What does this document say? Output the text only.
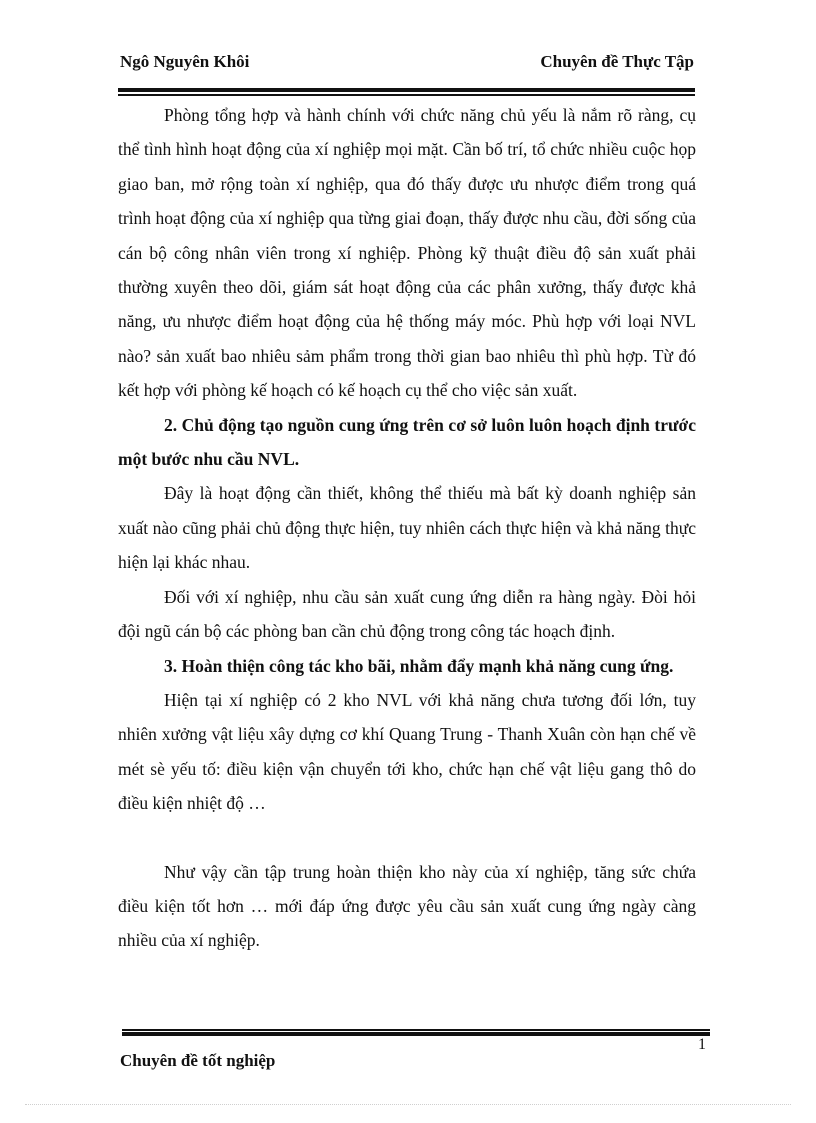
Ngô Nguyên Khôi	Chuyên đề Thực Tập

Phòng tổng hợp và hành chính với chức năng chủ yếu là nắm rõ ràng, cụ thể tình hình hoạt động của xí nghiệp mọi mặt. Cần bố trí, tổ chức nhiều cuộc họp giao ban, mở rộng toàn xí nghiệp, qua đó thấy được ưu nhược điểm trong quá trình hoạt động của xí nghiệp qua từng giai đoạn, thấy được nhu cầu, đời sống của cán bộ công nhân viên trong xí nghiệp. Phòng kỹ thuật điều độ sản xuất phải thường xuyên theo dõi, giám sát hoạt động của các phân xưởng, thấy được khả năng, ưu nhược điểm hoạt động của hệ thống máy móc. Phù hợp với loại NVL nào? sản xuất bao nhiêu sảm phẩm trong thời gian bao nhiêu thì phù hợp. Từ đó kết hợp với phòng kế hoạch có kế hoạch cụ thể cho việc sản xuất.

2. Chủ động tạo nguồn cung ứng trên cơ sở luôn luôn hoạch định trước một bước nhu cầu NVL.

Đây là hoạt động cần thiết, không thể thiếu mà bất kỳ doanh nghiệp sản xuất nào cũng phải chủ động thực hiện, tuy nhiên cách thực hiện và khả năng thực hiện lại khác nhau.

Đối với xí nghiệp, nhu cầu sản xuất cung ứng diễn ra hàng ngày. Đòi hỏi đội ngũ cán bộ các phòng ban cần chủ động trong công tác hoạch định.

3. Hoàn thiện công tác kho bãi, nhằm đẩy mạnh khả năng cung ứng.

Hiện tại xí nghiệp có 2 kho NVL với khả năng chưa tương đối lớn, tuy nhiên xưởng vật liệu xây dựng cơ khí Quang Trung - Thanh Xuân còn hạn chế về mét sè yếu tố: điều kiện vận chuyển tới kho, chức hạn chế vật liệu gang thô do điều kiện nhiệt độ …

Như vậy cần tập trung hoàn thiện kho này của xí nghiệp, tăng sức chứa điều kiện tốt hơn … mới đáp ứng được yêu cầu sản xuất cung ứng ngày càng nhiều của xí nghiệp.

1
Chuyên đề tốt nghiệp
